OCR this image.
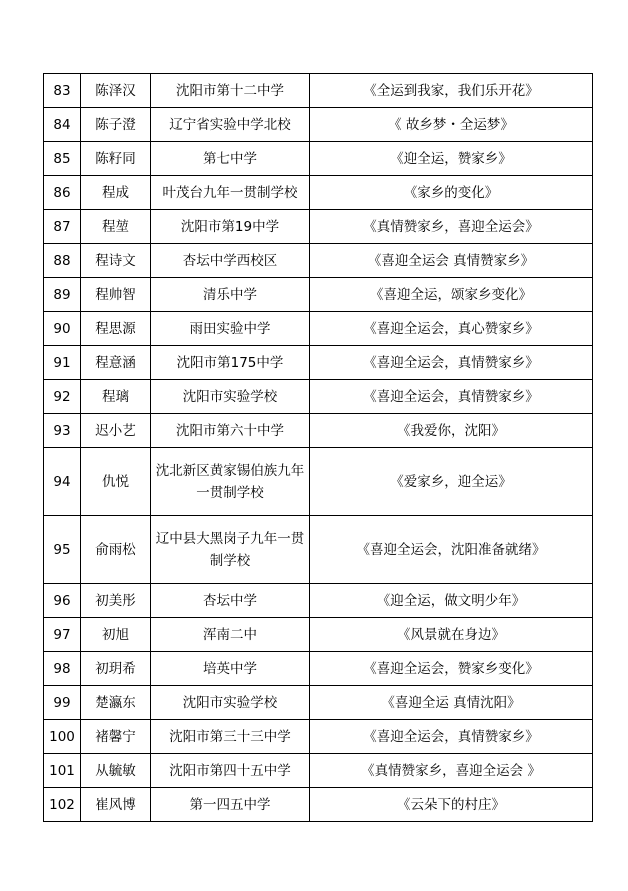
83	陈泽汉	沈阳市第十二中学	《全运到我家，我们乐开花》
84	陈子澄	辽宁省实验中学北校	《 故乡梦・全运梦》
85	陈籽同	第七中学	《迎全运，赞家乡》
86	程成	叶茂台九年一贯制学校	《家乡的变化》
87	程堃	沈阳市第19中学	《真情赞家乡，喜迎全运会》
88	程诗文	杏坛中学西校区	《喜迎全运会 真情赞家乡》
89	程帅智	清乐中学	《喜迎全运，颂家乡变化》
90	程思源	雨田实验中学	《喜迎全运会，真心赞家乡》
91	程意涵	沈阳市第175中学	《喜迎全运会，真情赞家乡》
92	程璃	沈阳市实验学校	《喜迎全运会，真情赞家乡》
93	迟小艺	沈阳市第六十中学	《我爱你，沈阳》
94	仇悦	沈北新区黄家锡伯族九年一贯制学校	《爱家乡，迎全运》
95	俞雨松	辽中县大黑岗子九年一贯制学校	《喜迎全运会，沈阳准备就绪》
96	初美彤	杏坛中学	《迎全运，做文明少年》
97	初旭	浑南二中	《风景就在身边》
98	初玥希	培英中学	《喜迎全运会，赞家乡变化》
99	楚瀛东	沈阳市实验学校	《喜迎全运 真情沈阳》
100	褚馨宁	沈阳市第三十三中学	《喜迎全运会，真情赞家乡》
101	从毓敏	沈阳市第四十五中学	《真情赞家乡，喜迎全运会 》
102	崔风博	第一四五中学	《云朵下的村庄》
